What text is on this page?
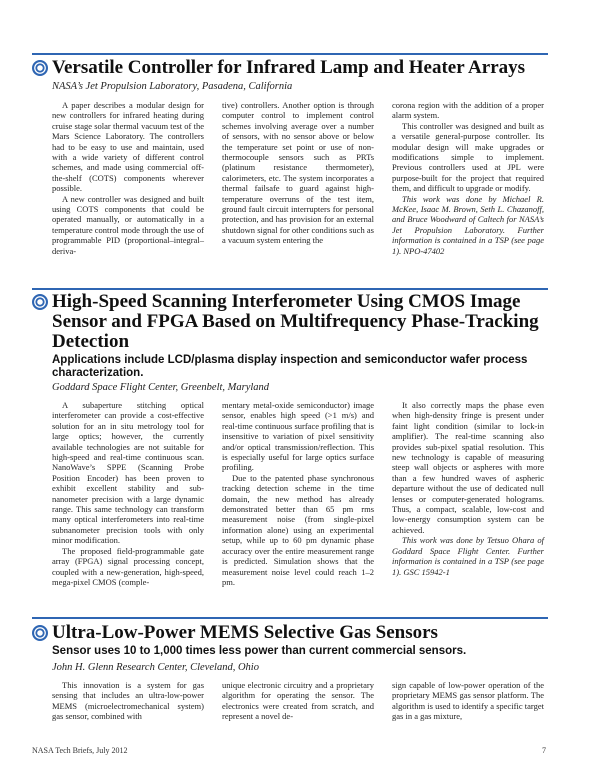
Versatile Controller for Infrared Lamp and Heater Arrays

NASA’s Jet Propulsion Laboratory, Pasadena, California

A paper describes a modular design for new controllers for infrared heating during cruise stage solar thermal vacuum test of the Mars Science Laboratory. The controllers had to be easy to use and maintain, used with a wide variety of different control schemes, and made using commercial off-the-shelf (COTS) components wherever possible.

A new controller was designed and built using COTS components that could be operated manually, or automatically in a temperature control mode through the use of programmable PID (proportional–integral–deriva-

tive) controllers. Another option is through computer control to implement control schemes involving average over a number of sensors, with no sensor above or below the temperature set point or use of non-thermocouple sensors such as PRTs (platinum resistance thermometer), calorimeters, etc. The system incorporates a thermal failsafe to guard against high-temperature overruns of the test item, ground fault circuit interrupters for personal protection, and has provision for an external shutdown signal for other conditions such as a vacuum system entering the

corona region with the addition of a proper alarm system.

This controller was designed and built as a versatile general-purpose controller. Its modular design will make upgrades or modifications simple to implement. Previous controllers used at JPL were purpose-built for the project that required them, and difficult to upgrade or modify.

This work was done by Michael R. McKee, Isaac M. Brown, Seth L. Chazanoff, and Bruce Woodward of Caltech for NASA’s Jet Propulsion Laboratory. Further information is contained in a TSP (see page 1). NPO-47402

High-Speed Scanning Interferometer Using CMOS Image Sensor and FPGA Based on Multifrequency Phase-Tracking Detection

Applications include LCD/plasma display inspection and semiconductor wafer process characterization.

Goddard Space Flight Center, Greenbelt, Maryland

A subaperture stitching optical interferometer can provide a cost-effective solution for an in situ metrology tool for large optics; however, the currently available technologies are not suitable for high-speed and real-time continuous scan. NanoWave’s SPPE (Scanning Probe Position Encoder) has been proven to exhibit excellent stability and sub-nanometer precision with a large dynamic range. This same technology can transform many optical interferometers into real-time subnanometer precision tools with only minor modification.

The proposed field-programmable gate array (FPGA) signal processing concept, coupled with a new-generation, high-speed, mega-pixel CMOS (comple-

mentary metal-oxide semiconductor) image sensor, enables high speed (>1 m/s) and real-time continuous surface profiling that is insensitive to variation of pixel sensitivity and/or optical transmission/reflection. This is especially useful for large optics surface profiling.

Due to the patented phase synchronous tracking detection scheme in the time domain, the new method has already demonstrated better than 65 pm rms measurement noise (from single-pixel information alone) using an experimental setup, while up to 60 pm dynamic phase accuracy over the entire measurement range is predicted. Simulation shows that the measurement noise level could reach 1–2 pm.

It also correctly maps the phase even when high-density fringe is present under faint light condition (similar to lock-in amplifier). The real-time scanning also provides sub-pixel spatial resolution. This new technology is capable of measuring steep wall objects or aspheres with more than a few hundred waves of aspheric departure without the use of dedicated null lenses or computer-generated holograms. Thus, a compact, scalable, low-cost and low-energy consumption system can be achieved.

This work was done by Tetsuo Ohara of Goddard Space Flight Center. Further information is contained in a TSP (see page 1). GSC 15942-1

Ultra-Low-Power MEMS Selective Gas Sensors

Sensor uses 10 to 1,000 times less power than current commercial sensors.

John H. Glenn Research Center, Cleveland, Ohio

This innovation is a system for gas sensing that includes an ultra-low-power MEMS (microelectromechanical system) gas sensor, combined with

unique electronic circuitry and a proprietary algorithm for operating the sensor. The electronics were created from scratch, and represent a novel de-

sign capable of low-power operation of the proprietary MEMS gas sensor platform. The algorithm is used to identify a specific target gas in a gas mixture,

NASA Tech Briefs, July 2012	7
